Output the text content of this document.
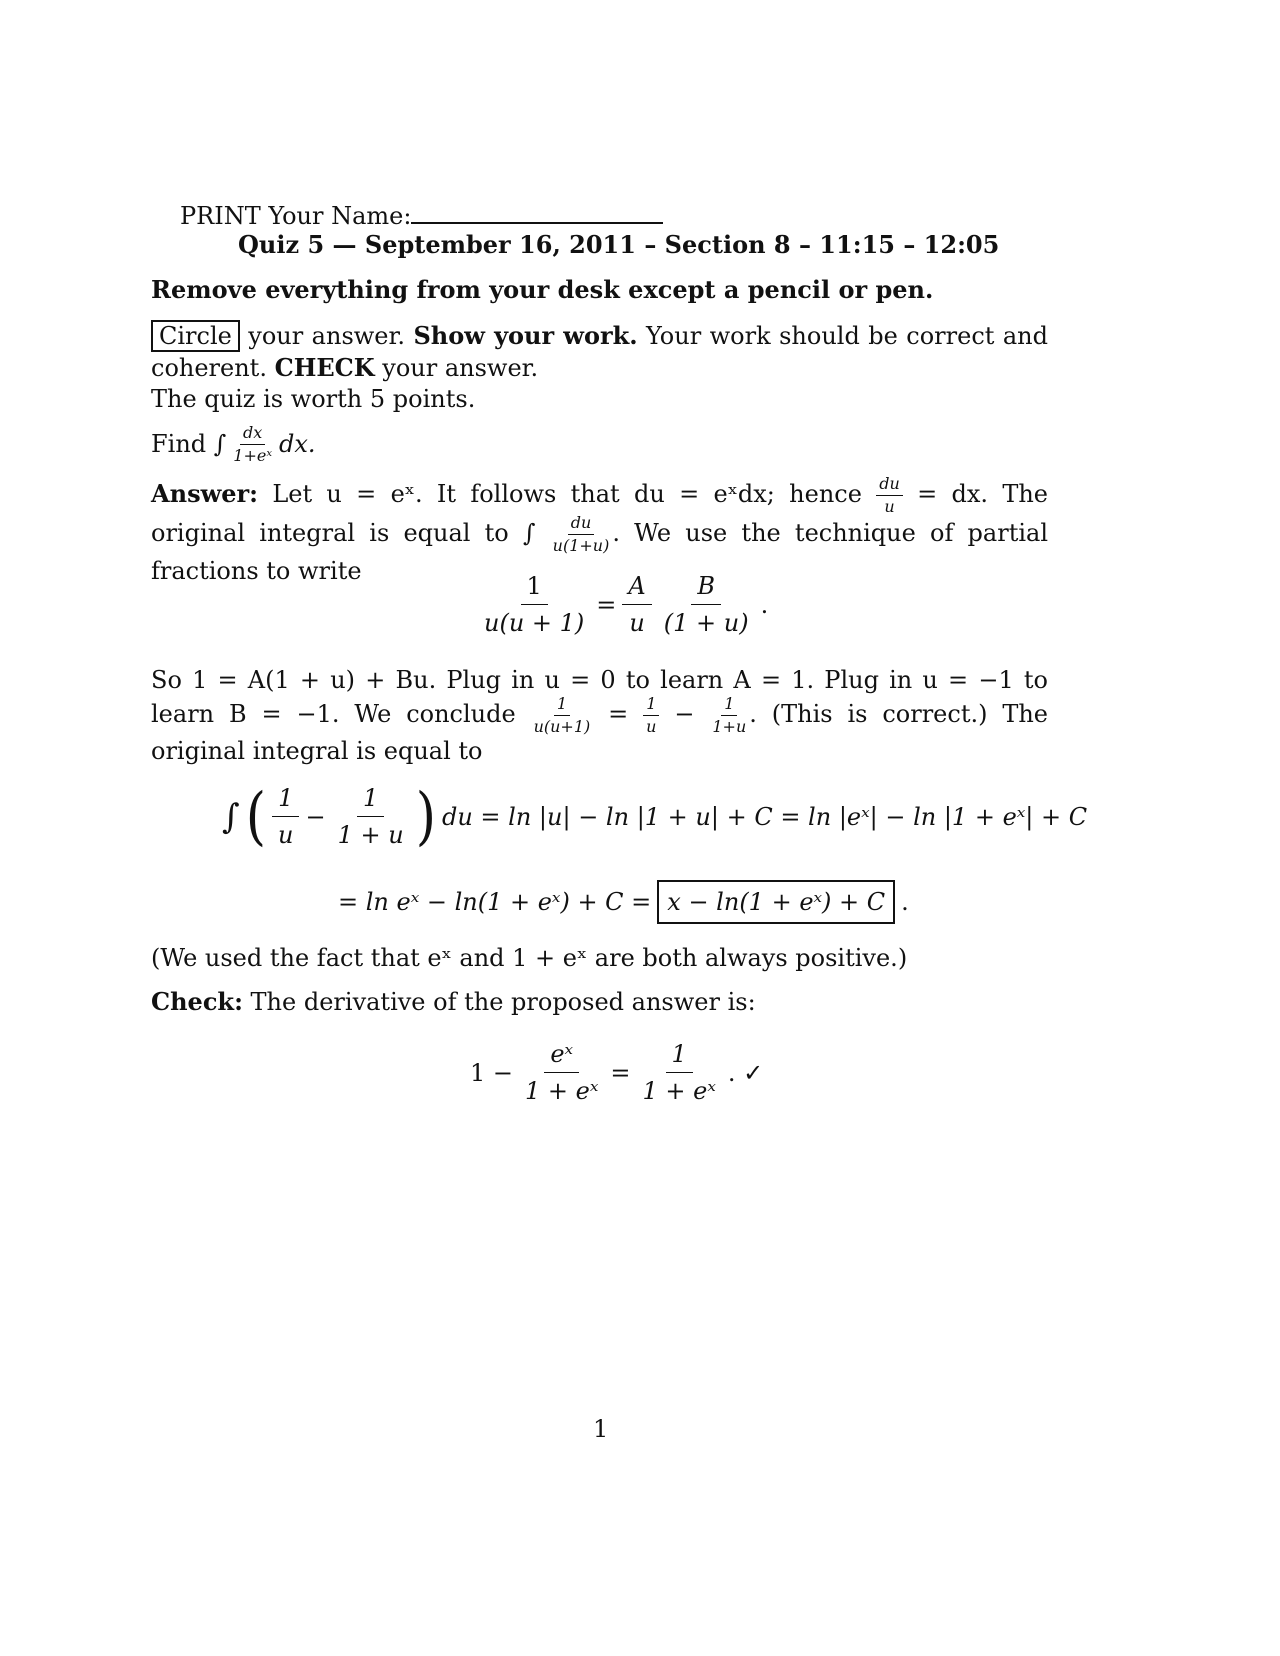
PRINT Your Name:
Quiz 5 — September 16, 2011 – Section 8 – 11:15 – 12:05
Remove everything from your desk except a pencil or pen.
Circle your answer. Show your work. Your work should be correct and coherent. CHECK your answer.
The quiz is worth 5 points.
Find ∫ $\frac{dx}{\text{1+eˣ}}$ dx.
Answer: Let u = eˣ. It follows that du = eˣdx; hence $\frac{du}{u}$ = dx. The original integral is equal to ∫ $\frac{du}{u(1+u)}$ . We use the technique of partial fractions to write
$\frac{1}{u(u + 1)} = \frac{A}{u} \frac{B}{(1 + u)}$ .
So 1 = A(1 + u) + Bu. Plug in u = 0 to learn A = 1. Plug in u = −1 to learn B = −1. We conclude $\frac{1}{u(u+1)} = \frac{1}{u} - \frac{1}{1+u}$ . (This is correct.) The original integral is equal to
∫ ( $\frac{1}{u} - \frac{1}{1 + u}$ ) du = ln |u| − ln |1 + u| + C = ln |eˣ| − ln |1 + eˣ| + C
= ln eˣ − ln(1 + eˣ) + C = x − ln(1 + eˣ) + C .
(We used the fact that eˣ and 1 + eˣ are both always positive.)
Check: The derivative of the proposed answer is:
$1 - \frac{\text{eˣ}}{\text{1 + eˣ}} = \frac{1}{\text{1 + eˣ}}$ . ✓
1
